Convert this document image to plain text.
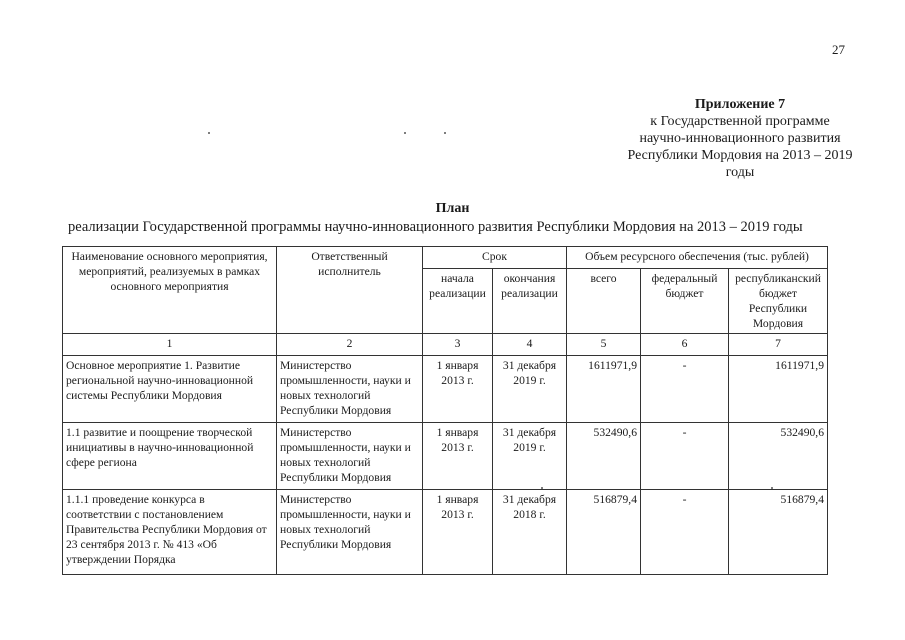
27
Приложение 7
к Государственной программе
научно-инновационного развития
Республики Мордовия на 2013 – 2019
годы
План
реализации Государственной программы научно-инновационного развития Республики Мордовия на 2013 – 2019 годы
Наименование основного мероприятия, мероприятий, реализуемых в рамках основного мероприятия	Ответственный исполнитель	Срок		Объем ресурсного обеспечения (тыс. рублей)		
		начала реализации	окончания реализации	всего	федеральный бюджет	республиканский бюджет Республики Мордовия
1	2	3	4	5	6	7
Основное мероприятие 1. Развитие региональной научно-инновационной системы Республики Мордовия	Министерство промышленности, науки и новых технологий Республики Мордовия	1 января 2013 г.	31 декабря 2019 г.	1611971,9	-	1611971,9
1.1 развитие и поощрение творческой инициативы в научно-инновационной сфере региона	Министерство промышленности, науки и новых технологий Республики Мордовия	1 января 2013 г.	31 декабря 2019 г.	532490,6	-	532490,6
1.1.1 проведение конкурса в соответствии с постановлением Правительства Республики Мордовия от 23 сентября 2013 г. № 413 «Об утверждении Порядка	Министерство промышленности, науки и новых технологий Республики Мордовия	1 января 2013 г.	31 декабря 2018 г.	516879,4	-	516879,4
